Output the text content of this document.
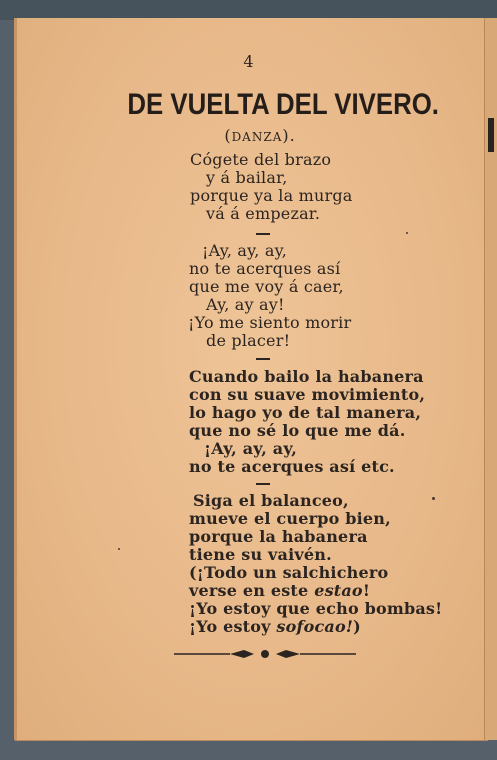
4
DE VUELTA DEL VIVERO.
(DANZA).
Cógete del brazo
y á bailar,
porque ya la murga
vá á empezar.
¡Ay, ay, ay,
no te acerques así
que me voy á caer,
Ay, ay ay!
¡Yo me siento morir
de placer!
Cuando bailo la habanera
con su suave movimiento,
lo hago yo de tal manera,
que no sé lo que me dá.
¡Ay, ay, ay,
no te acerques así etc.
Siga el balanceo,
mueve el cuerpo bien,
porque la habanera
tiene su vaivén.
(¡Todo un salchichero
verse en este estao!
¡Yo estoy que echo bombas!
¡Yo estoy sofocao!)
